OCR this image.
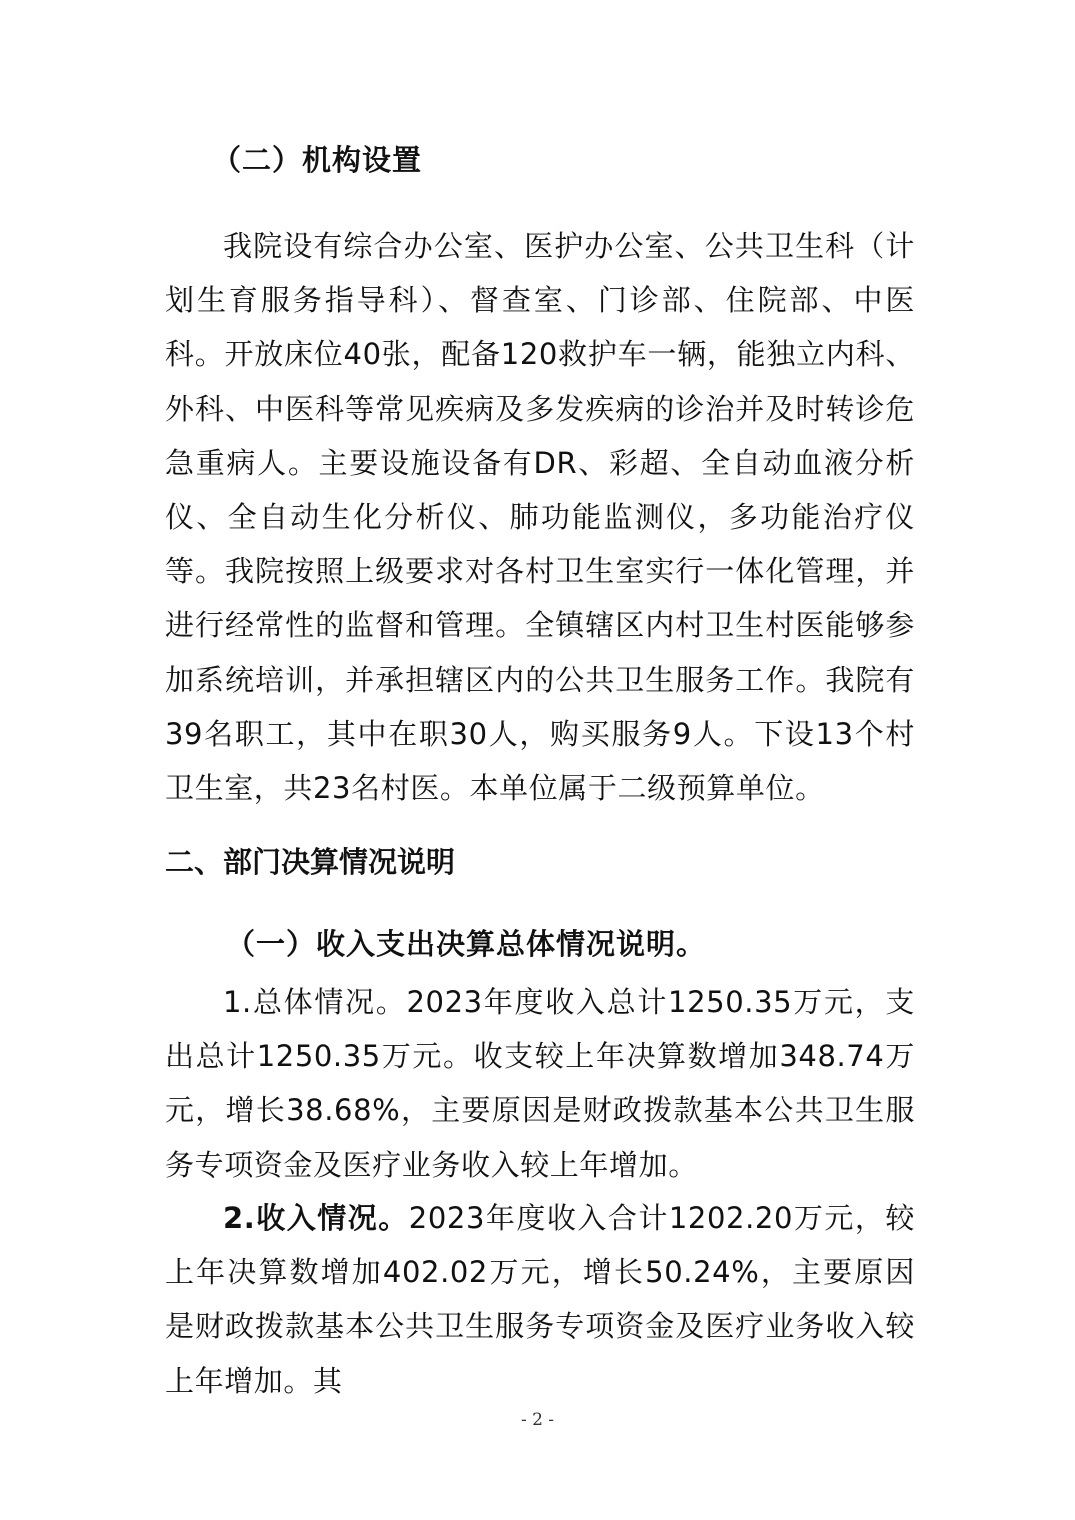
（二）机构设置

我院设有综合办公室、医护办公室、公共卫生科（计划生育服务指导科）、督查室、门诊部、住院部、中医科。开放床位40张，配备120救护车一辆，能独立内科、外科、中医科等常见疾病及多发疾病的诊治并及时转诊危急重病人。主要设施设备有DR、彩超、全自动血液分析仪、全自动生化分析仪、肺功能监测仪，多功能治疗仪等。我院按照上级要求对各村卫生室实行一体化管理，并进行经常性的监督和管理。全镇辖区内村卫生村医能够参加系统培训，并承担辖区内的公共卫生服务工作。我院有39名职工，其中在职30人，购买服务9人。下设13个村卫生室，共23名村医。本单位属于二级预算单位。

二、部门决算情况说明
（一）收入支出决算总体情况说明。

1.总体情况。2023年度收入总计1250.35万元，支出总计1250.35万元。收支较上年决算数增加348.74万元，增长38.68%，主要原因是财政拨款基本公共卫生服务专项资金及医疗业务收入较上年增加。

2.收入情况。2023年度收入合计1202.20万元，较上年决算数增加402.02万元，增长50.24%，主要原因是财政拨款基本公共卫生服务专项资金及医疗业务收入较上年增加。其

- 2 -
